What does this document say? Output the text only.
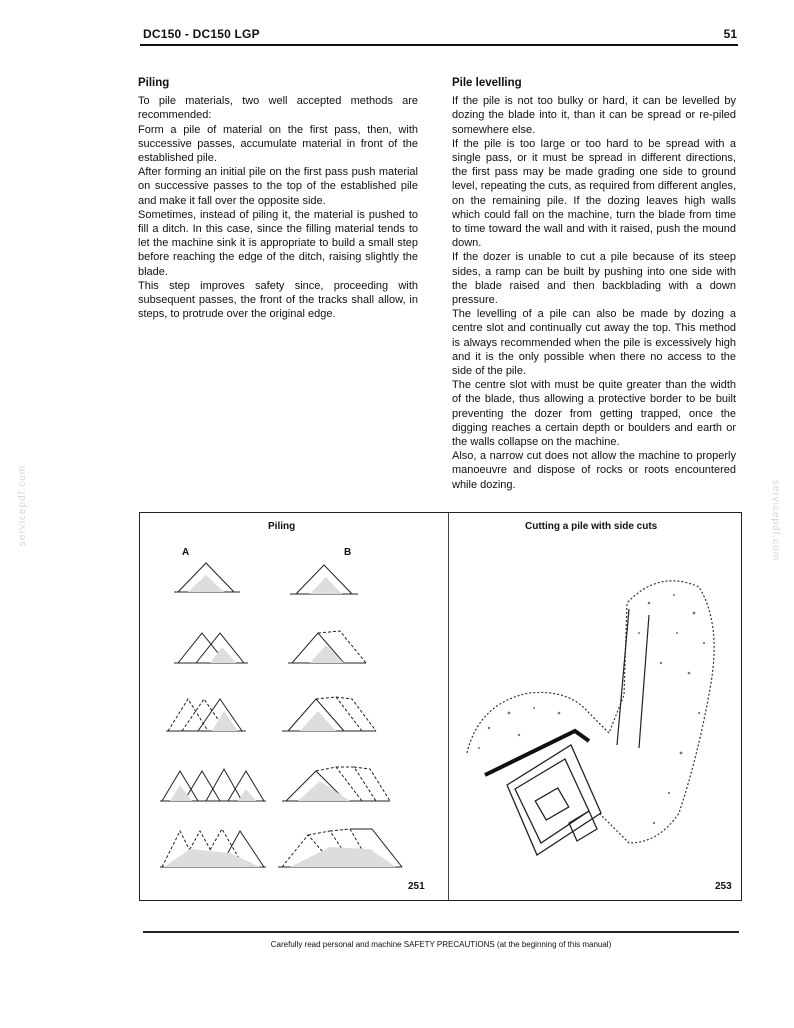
DC150 - DC150 LGP	51
Piling

To pile materials, two well accepted methods are recommended:

Form a pile of material on the first pass, then, with successive passes, accumulate material in front of the established pile.

After forming an initial pile on the first pass push material on successive passes to the top of the established pile and make it fall over the opposite side.

Sometimes, instead of piling it, the material is pushed to fill a ditch. In this case, since the filling material tends to let the machine sink it is appropriate to build a small step before reaching the edge of the ditch, raising slightly the blade.

This step improves safety since, proceeding with subsequent passes, the front of the tracks shall allow, in steps, to protrude over the original edge.

Pile levelling

If the pile is not too bulky or hard, it can be levelled by dozing the blade into it, than it can be spread or re-piled somewhere else.

If the pile is too large or too hard to be spread with a single pass, or it must be spread in different directions, the first pass may be made grading one side to ground level, repeating the cuts, as required from different angles, on the remaining pile. If the dozing leaves high walls which could fall on the machine, turn the blade from time to time toward the wall and with it raised, push the mound down.

If the dozer is unable to cut a pile because of its steep sides, a ramp can be built by pushing into one side with the blade raised and then backblading with a down pressure.

The levelling of a pile can also be made by dozing a centre slot and continually cut away the top. This method is always recommended when the pile is excessively high and it is the only possible when there no access to the side of the pile.

The centre slot with must be quite greater than the width of the blade, thus allowing a protective border to be built preventing the dozer from getting trapped, once the digging reaches a certain depth or boulders and earth or the walls collapse on the machine.

Also, a narrow cut does not allow the machine to properly manoeuvre and dispose of rocks or roots encountered while dozing.

Piling
A	B
Cutting a pile with side cuts
251	253
Carefully read personal and machine SAFETY PRECAUTIONS (at the beginning of this manual)
servicepdf.com	servicepdf.com
